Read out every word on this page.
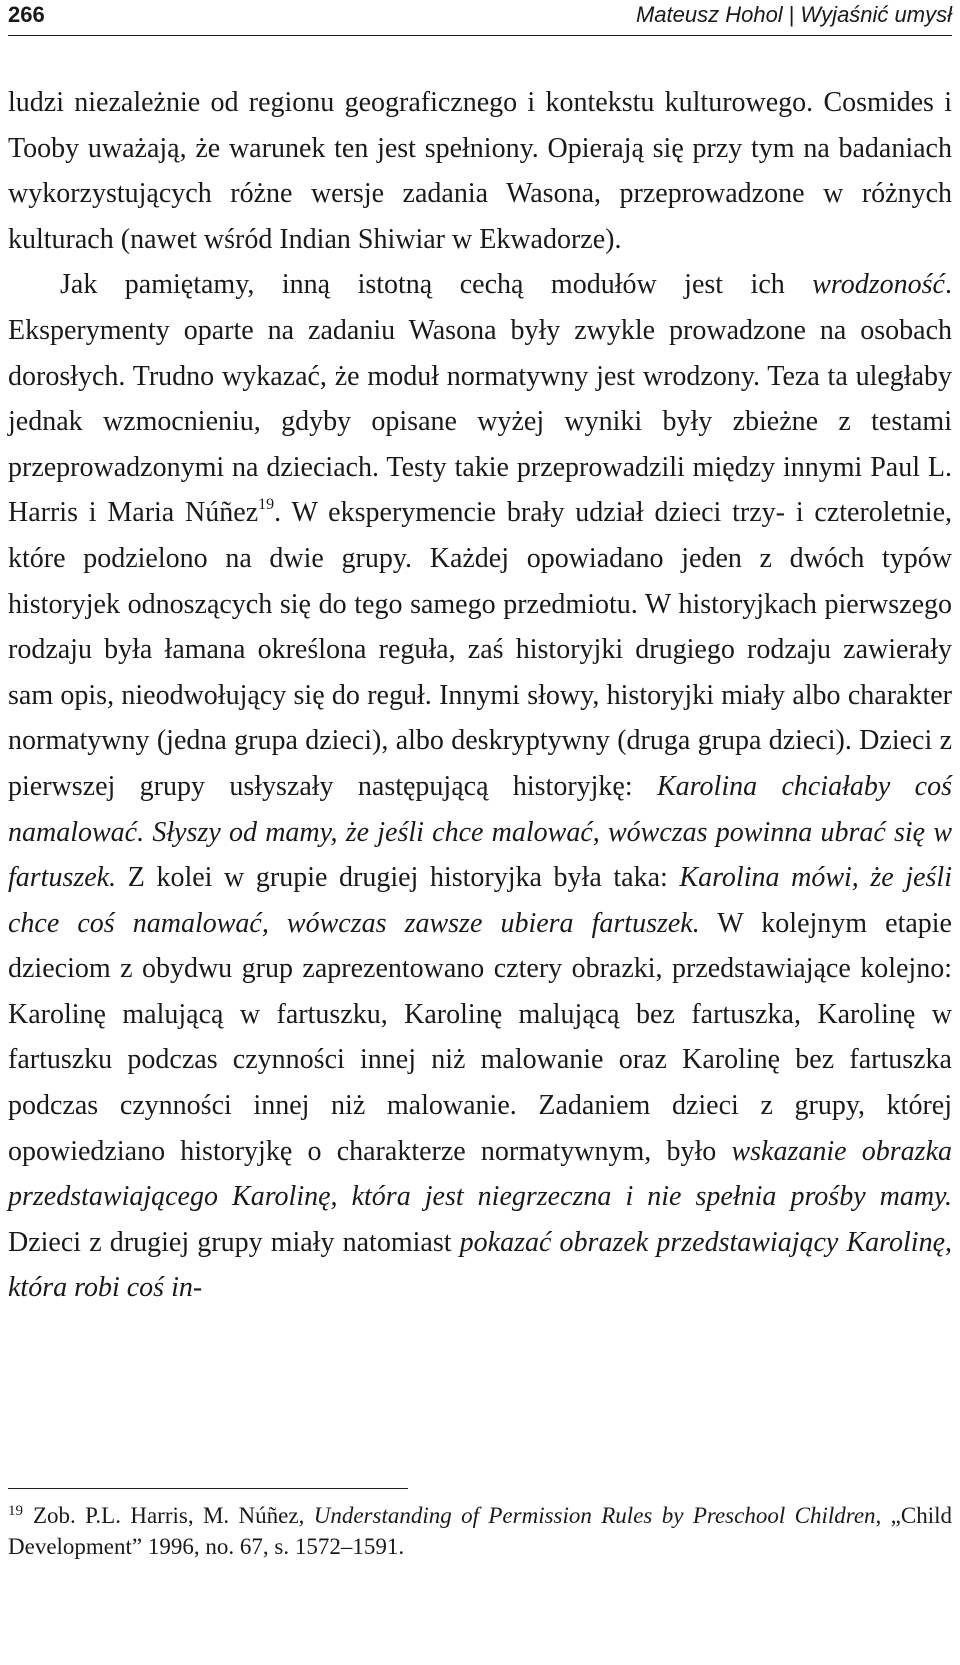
266	Mateusz Hohol | Wyjaśnić umysł

ludzi niezależnie od regionu geograficznego i kontekstu kulturowego. Cosmides i Tooby uważają, że warunek ten jest spełniony. Opierają się przy tym na badaniach wykorzystujących różne wersje zadania Wasona, przeprowadzone w różnych kulturach (nawet wśród Indian Shiwiar w Ekwadorze).

Jak pamiętamy, inną istotną cechą modułów jest ich wrodzoność. Eksperymenty oparte na zadaniu Wasona były zwykle prowadzone na osobach dorosłych. Trudno wykazać, że moduł normatywny jest wrodzony. Teza ta uległaby jednak wzmocnieniu, gdyby opisane wyżej wyniki były zbieżne z testami przeprowadzonymi na dzieciach. Testy takie przeprowadzili między innymi Paul L. Harris i Maria Núñez$^{19}$. W eksperymencie brały udział dzieci trzy- i czteroletnie, które podzielono na dwie grupy. Każdej opowiadano jeden z dwóch typów historyjek odnoszących się do tego samego przedmiotu. W historyjkach pierwszego rodzaju była łamana określona reguła, zaś historyjki drugiego rodzaju zawierały sam opis, nieodwołujący się do reguł. Innymi słowy, historyjki miały albo charakter normatywny (jedna grupa dzieci), albo deskryptywny (druga grupa dzieci). Dzieci z pierwszej grupy usłyszały następującą historyjkę: Karolina chciałaby coś namalować. Słyszy od mamy, że jeśli chce malować, wówczas powinna ubrać się w fartuszek. Z kolei w grupie drugiej historyjka była taka: Karolina mówi, że jeśli chce coś namalować, wówczas zawsze ubiera fartuszek. W kolejnym etapie dzieciom z obydwu grup zaprezentowano cztery obrazki, przedstawiające kolejno: Karolinę malującą w fartuszku, Karolinę malującą bez fartuszka, Karolinę w fartuszku podczas czynności innej niż malowanie oraz Karolinę bez fartuszka podczas czynności innej niż malowanie. Zadaniem dzieci z grupy, której opowiedziano historyjkę o charakterze normatywnym, było wskazanie obrazka przedstawiającego Karolinę, która jest niegrzeczna i nie spełnia prośby mamy. Dzieci z drugiej grupy miały natomiast pokazać obrazek przedstawiający Karolinę, która robi coś in-

$^{19}$ Zob. P.L. Harris, M. Núñez, Understanding of Permission Rules by Preschool Children, „Child Development” 1996, no. 67, s. 1572–1591.
